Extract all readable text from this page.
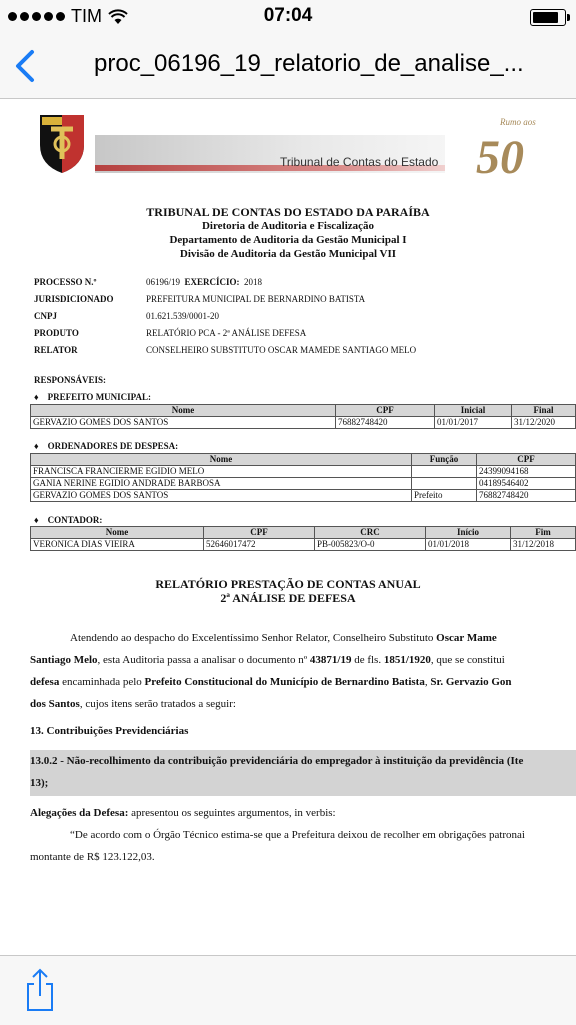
TIM	07:04
proc_06196_19_relatorio_de_analise_...
Tribunal de Contas do Estado
Rumo aos
50
TRIBUNAL DE CONTAS DO ESTADO DA PARAÍBA
Diretoria de Auditoria e Fiscalização
Departamento de Auditoria da Gestão Municipal I
Divisão de Auditoria da Gestão Municipal VII
PROCESSO N.º	06196/19
EXERCÍCIO:
2018
JURISDICIONADO	PREFEITURA MUNICIPAL DE BERNARDINO BATISTA
CNPJ	01.621.539/0001-20
PRODUTO	RELATÓRIO PCA - 2ª ANÁLISE DEFESA
RELATOR	CONSELHEIRO SUBSTITUTO OSCAR MAMEDE SANTIAGO MELO
RESPONSÁVEIS:
♦    PREFEITO MUNICIPAL:
Nome	CPF	Inicial	Final
GERVAZIO GOMES DOS SANTOS	76882748420	01/01/2017	31/12/2020
♦    ORDENADORES DE DESPESA:
Nome	Função	CPF
FRANCISCA FRANCIERME EGIDIO MELO		24399094168
GANIA NERINE EGIDIO ANDRADE BARBOSA		04189546402
GERVAZIO GOMES DOS SANTOS	Prefeito	76882748420
♦    CONTADOR:
Nome	CPF	CRC	Início	Fim
VERONICA DIAS VIEIRA	52646017472	PB-005823/O-0	01/01/2018	31/12/2018
RELATÓRIO PRESTAÇÃO DE CONTAS ANUAL
2ª ANÁLISE DE DEFESA

Atendendo ao despacho do Excelentíssimo Senhor Relator, Conselheiro Substituto Oscar Mame

Santiago Melo, esta Auditoria passa a analisar o documento nº 43871/19 de fls. 1851/1920, que se constitui

defesa encaminhada pelo Prefeito Constitucional do Município de Bernardino Batista, Sr. Gervazio Gon

dos Santos, cujos itens serão tratados a seguir:

13. Contribuições Previdenciárias
13.0.2 - Não-recolhimento da contribuição previdenciária do empregador à instituição da previdência (Ite
13);
Alegações da Defesa: apresentou os seguintes argumentos, in verbis:
“De acordo com o Órgão Técnico estima-se que a Prefeitura deixou de recolher em obrigações patronai
montante de R$ 123.122,03.
